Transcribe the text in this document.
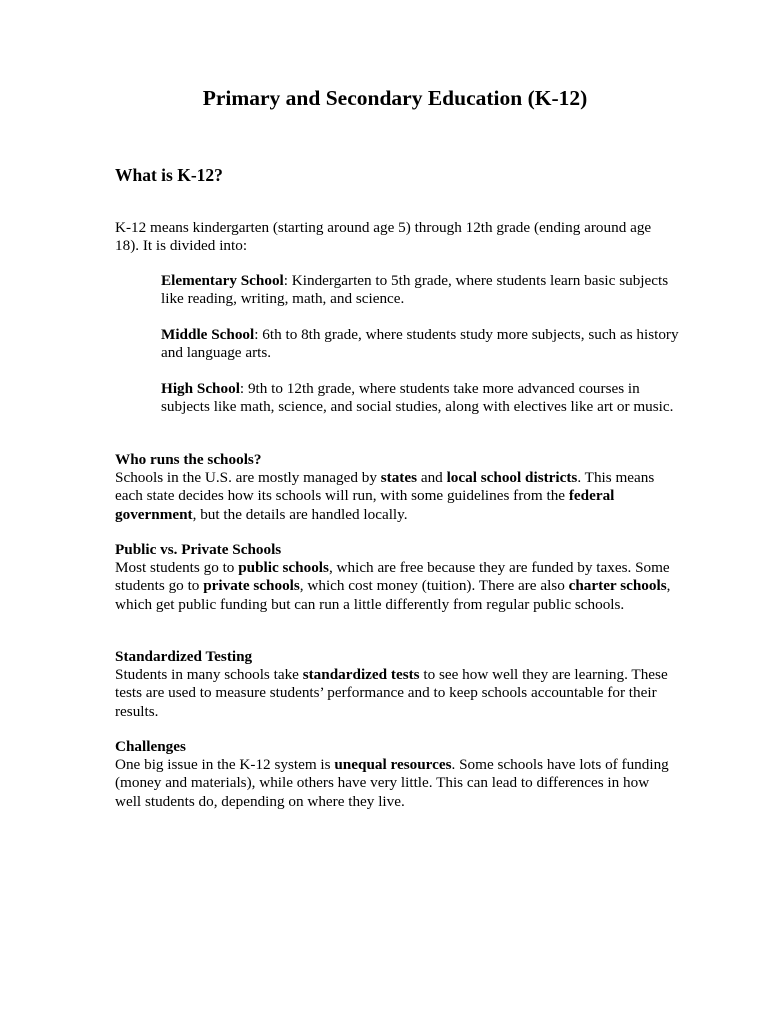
Primary and Secondary Education (K-12)
What is K-12?

K-12 means kindergarten (starting around age 5) through 12th grade (ending around age 18). It is divided into:

Elementary School: Kindergarten to 5th grade, where students learn basic subjects like reading, writing, math, and science.

Middle School: 6th to 8th grade, where students study more subjects, such as history and language arts.

High School: 9th to 12th grade, where students take more advanced courses in subjects like math, science, and social studies, along with electives like art or music.

Who runs the schools?
Schools in the U.S. are mostly managed by states and local school districts. This means each state decides how its schools will run, with some guidelines from the federal government, but the details are handled locally.

Public vs. Private Schools
Most students go to public schools, which are free because they are funded by taxes. Some students go to private schools, which cost money (tuition). There are also charter schools, which get public funding but can run a little differently from regular public schools.

Standardized Testing
Students in many schools take standardized tests to see how well they are learning. These tests are used to measure students’ performance and to keep schools accountable for their results.

Challenges
One big issue in the K-12 system is unequal resources. Some schools have lots of funding (money and materials), while others have very little. This can lead to differences in how well students do, depending on where they live.
